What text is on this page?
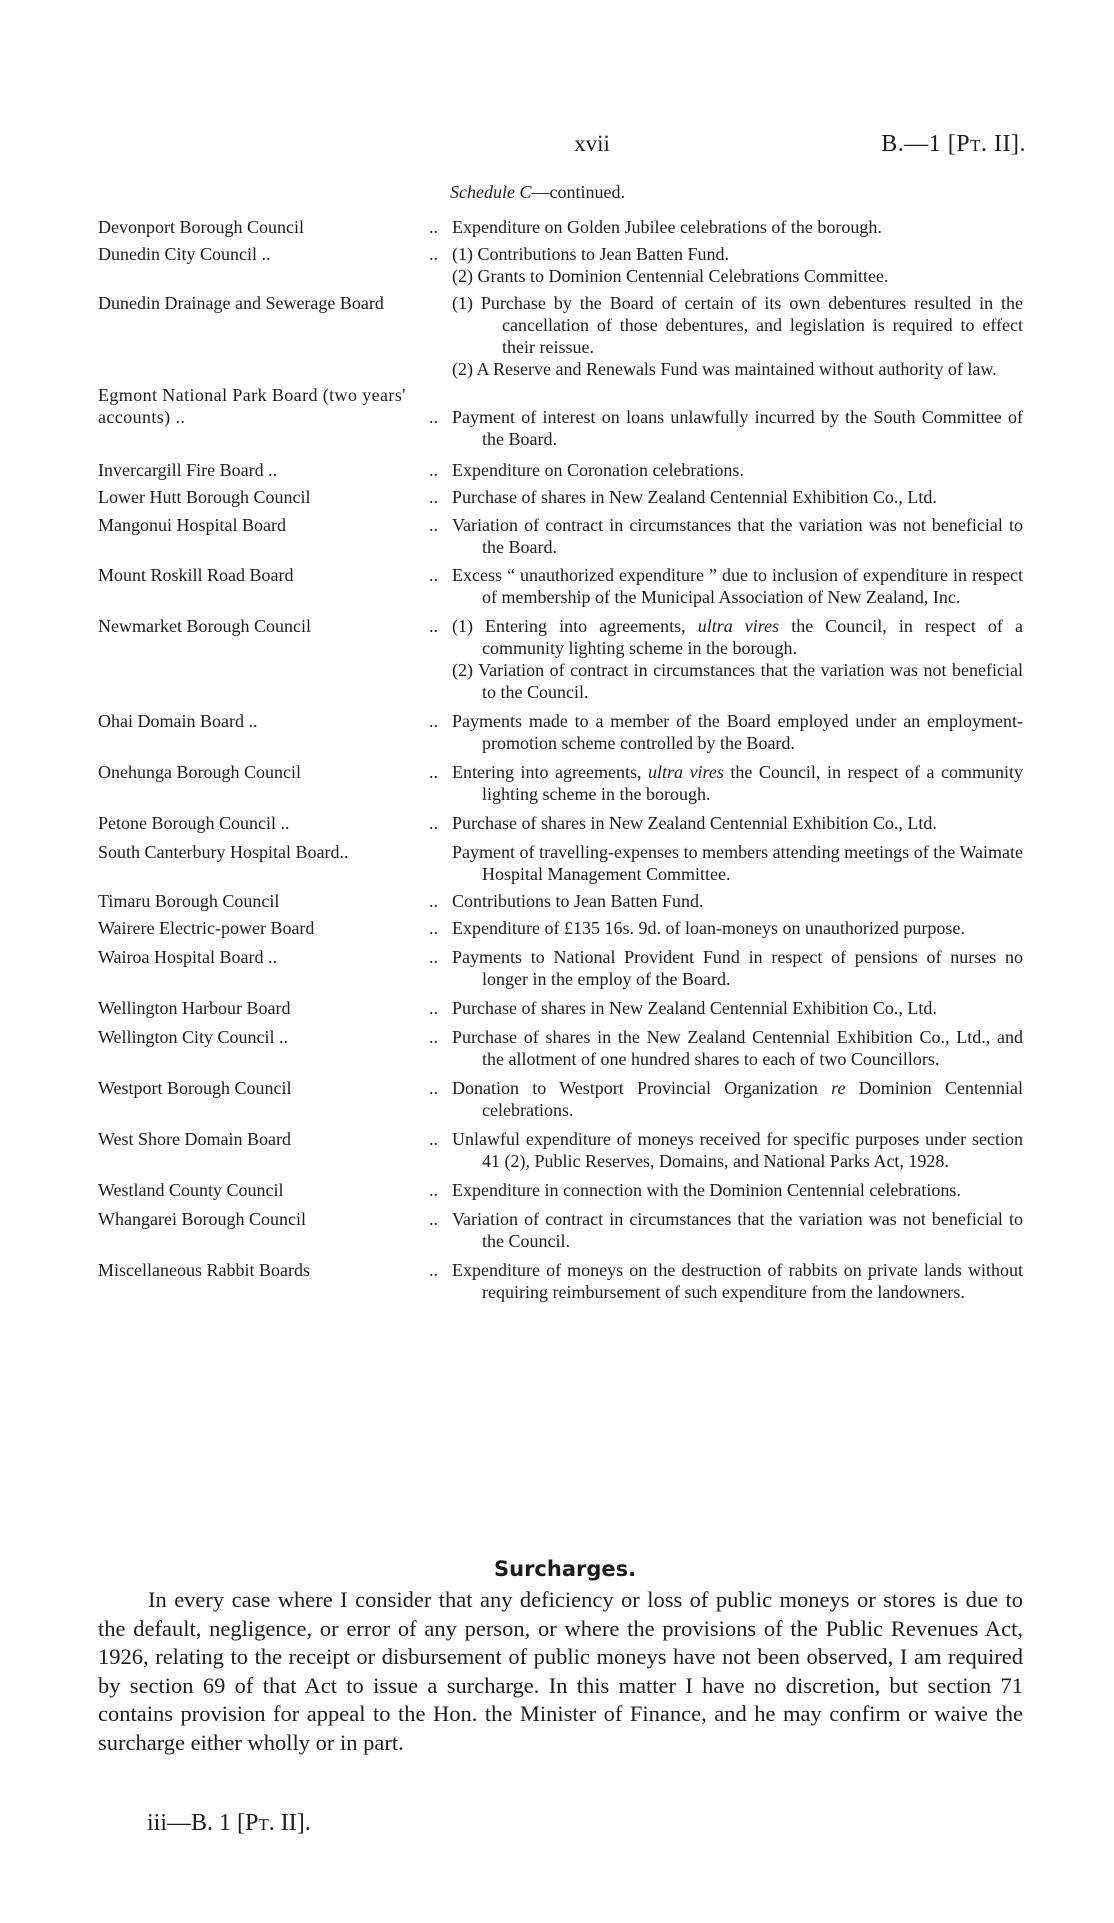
xvii	B.—1 [Pt. II].
Schedule C—continued.
Devonport Borough Council	.. Expenditure on Golden Jubilee celebrations of the borough.

Dunedin City Council ..	.. (1) Contributions to Jean Batten Fund.

(2) Grants to Dominion Centennial Celebrations Committee.

Dunedin Drainage and Sewerage Board	(1) Purchase by the Board of certain of its own debentures resulted in the cancellation of those debentures, and legislation is required to effect their reissue.

(2) A Reserve and Renewals Fund was maintained without authority of law.

Egmont National Park Board (two years' accounts) ..	.. Payment of interest on loans unlawfully incurred by the South Committee of the Board.

Invercargill Fire Board ..	.. Expenditure on Coronation celebrations.

Lower Hutt Borough Council	.. Purchase of shares in New Zealand Centennial Exhibition Co., Ltd.

Mangonui Hospital Board	.. Variation of contract in circumstances that the variation was not beneficial to the Board.

Mount Roskill Road Board	.. Excess “ unauthorized expenditure ” due to inclusion of expenditure in respect of membership of the Municipal Association of New Zealand, Inc.

Newmarket Borough Council	.. (1) Entering into agreements, ultra vires the Council, in respect of a community lighting scheme in the borough.

(2) Variation of contract in circumstances that the variation was not beneficial to the Council.

Ohai Domain Board ..	.. Payments made to a member of the Board employed under an employment-promotion scheme controlled by the Board.

Onehunga Borough Council	.. Entering into agreements, ultra vires the Council, in respect of a community lighting scheme in the borough.

Petone Borough Council ..	.. Purchase of shares in New Zealand Centennial Exhibition Co., Ltd.

South Canterbury Hospital Board..	Payment of travelling-expenses to members attending meetings of the Waimate Hospital Management Committee.

Timaru Borough Council	.. Contributions to Jean Batten Fund.

Wairere Electric-power Board	.. Expenditure of £135 16s. 9d. of loan-moneys on unauthorized purpose.

Wairoa Hospital Board ..	.. Payments to National Provident Fund in respect of pensions of nurses no longer in the employ of the Board.

Wellington Harbour Board	.. Purchase of shares in New Zealand Centennial Exhibition Co., Ltd.

Wellington City Council ..	.. Purchase of shares in the New Zealand Centennial Exhibition Co., Ltd., and the allotment of one hundred shares to each of two Councillors.

Westport Borough Council	.. Donation to Westport Provincial Organization re Dominion Centennial celebrations.

West Shore Domain Board	.. Unlawful expenditure of moneys received for specific purposes under section 41 (2), Public Reserves, Domains, and National Parks Act, 1928.

Westland County Council	.. Expenditure in connection with the Dominion Centennial celebrations.

Whangarei Borough Council	.. Variation of contract in circumstances that the variation was not beneficial to the Council.

Miscellaneous Rabbit Boards	.. Expenditure of moneys on the destruction of rabbits on private lands without requiring reimbursement of such expenditure from the landowners.

Surcharges.

In every case where I consider that any deficiency or loss of public moneys or stores is due to the default, negligence, or error of any person, or where the provisions of the Public Revenues Act, 1926, relating to the receipt or disbursement of public moneys have not been observed, I am required by section 69 of that Act to issue a surcharge. In this matter I have no discretion, but section 71 contains provision for appeal to the Hon. the Minister of Finance, and he may confirm or waive the surcharge either wholly or in part.

iii—B. 1 [Pt. II].
